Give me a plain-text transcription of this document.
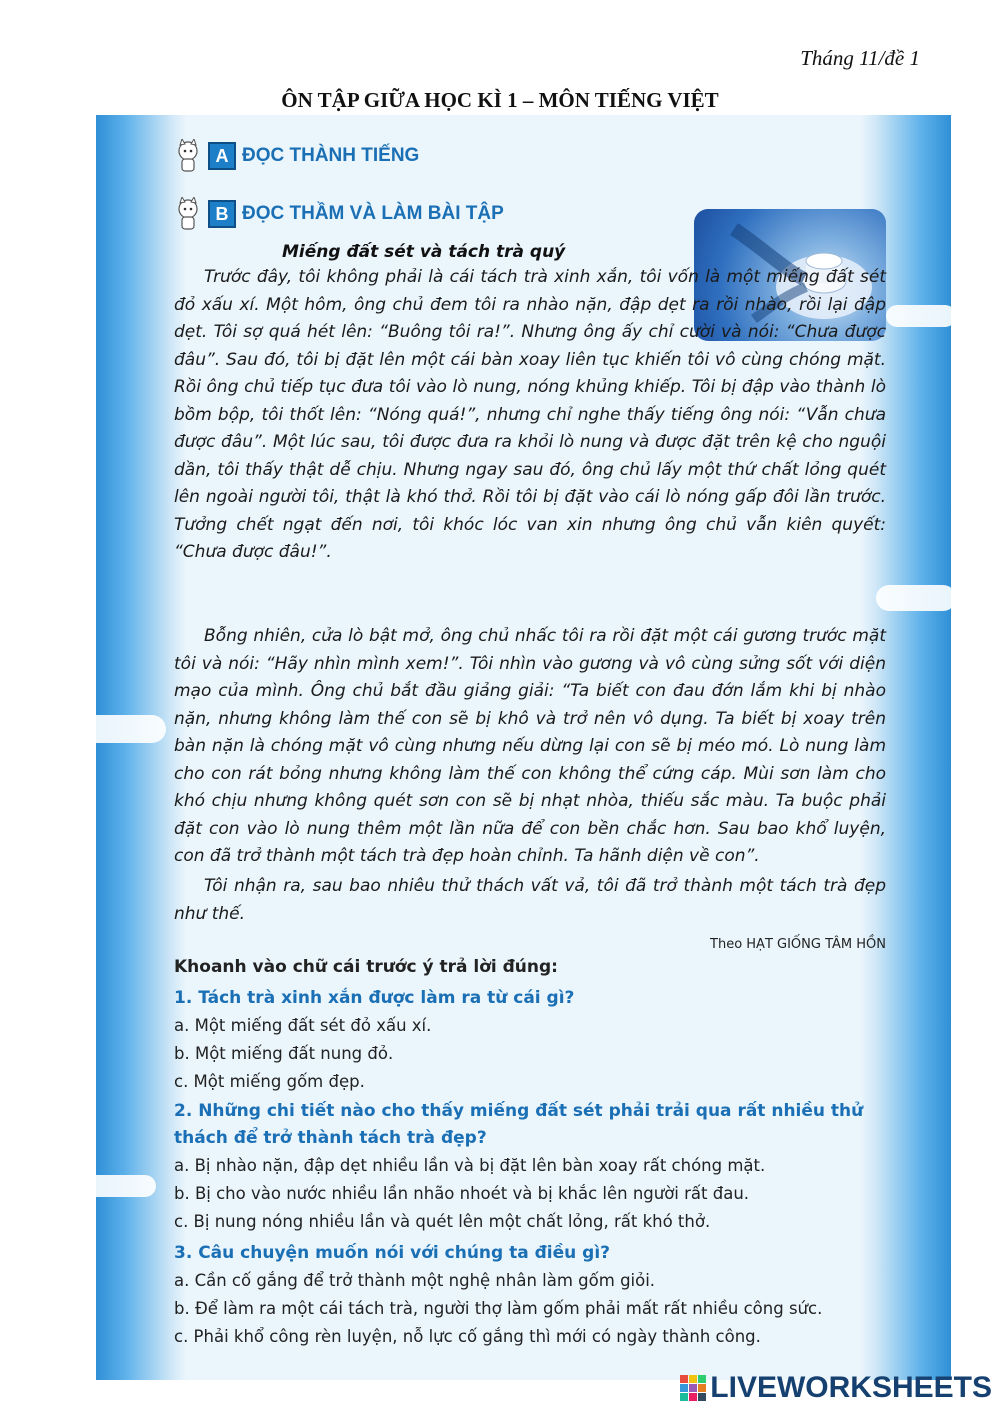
Tháng 11/đề 1
ÔN TẬP GIỮA HỌC KÌ 1 – MÔN TIẾNG VIỆT
A ĐỌC THÀNH TIẾNG
B ĐỌC THẦM VÀ LÀM BÀI TẬP
Miếng đất sét và tách trà quý

Trước đây, tôi không phải là cái tách trà xinh xắn, tôi vốn là một miếng đất sét đỏ xấu xí. Một hôm, ông chủ đem tôi ra nhào nặn, đập dẹt ra rồi nhào, rồi lại đập dẹt. Tôi sợ quá hét lên: “Buông tôi ra!”. Nhưng ông ấy chỉ cười và nói: “Chưa được đâu”. Sau đó, tôi bị đặt lên một cái bàn xoay liên tục khiến tôi vô cùng chóng mặt. Rồi ông chủ tiếp tục đưa tôi vào lò nung, nóng khủng khiếp. Tôi bị đập vào thành lò bồm bộp, tôi thốt lên: “Nóng quá!”, nhưng chỉ nghe thấy tiếng ông nói: “Vẫn chưa được đâu”. Một lúc sau, tôi được đưa ra khỏi lò nung và được đặt trên kệ cho nguội dần, tôi thấy thật dễ chịu. Nhưng ngay sau đó, ông chủ lấy một thứ chất lỏng quét lên ngoài người tôi, thật là khó thở. Rồi tôi bị đặt vào cái lò nóng gấp đôi lần trước. Tưởng chết ngạt đến nơi, tôi khóc lóc van xin nhưng ông chủ vẫn kiên quyết: “Chưa được đâu!”.

Bỗng nhiên, cửa lò bật mở, ông chủ nhấc tôi ra rồi đặt một cái gương trước mặt tôi và nói: “Hãy nhìn mình xem!”. Tôi nhìn vào gương và vô cùng sửng sốt với diện mạo của mình. Ông chủ bắt đầu giảng giải: “Ta biết con đau đớn lắm khi bị nhào nặn, nhưng không làm thế con sẽ bị khô và trở nên vô dụng. Ta biết bị xoay trên bàn nặn là chóng mặt vô cùng nhưng nếu dừng lại con sẽ bị méo mó. Lò nung làm cho con rát bỏng nhưng không làm thế con không thể cứng cáp. Mùi sơn làm cho khó chịu nhưng không quét sơn con sẽ bị nhạt nhòa, thiếu sắc màu. Ta buộc phải đặt con vào lò nung thêm một lần nữa để con bền chắc hơn. Sau bao khổ luyện, con đã trở thành một tách trà đẹp hoàn chỉnh. Ta hãnh diện về con”.

Tôi nhận ra, sau bao nhiêu thử thách vất vả, tôi đã trở thành một tách trà đẹp như thế.

Theo HẠT GIỐNG TÂM HỒN
Khoanh vào chữ cái trước ý trả lời đúng:
1. Tách trà xinh xắn được làm ra từ cái gì?
a. Một miếng đất sét đỏ xấu xí.
b. Một miếng đất nung đỏ.
c. Một miếng gốm đẹp.
2. Những chi tiết nào cho thấy miếng đất sét phải trải qua rất nhiều thử thách để trở thành tách trà đẹp?
a. Bị nhào nặn, đập dẹt nhiều lần và bị đặt lên bàn xoay rất chóng mặt.
b. Bị cho vào nước nhiều lần nhão nhoét và bị khắc lên người rất đau.
c. Bị nung nóng nhiều lần và quét lên một chất lỏng, rất khó thở.
3. Câu chuyện muốn nói với chúng ta điều gì?
a. Cần cố gắng để trở thành một nghệ nhân làm gốm giỏi.
b. Để làm ra một cái tách trà, người thợ làm gốm phải mất rất nhiều công sức.
c. Phải khổ công rèn luyện, nỗ lực cố gắng thì mới có ngày thành công.
LIVEWORKSHEETS
